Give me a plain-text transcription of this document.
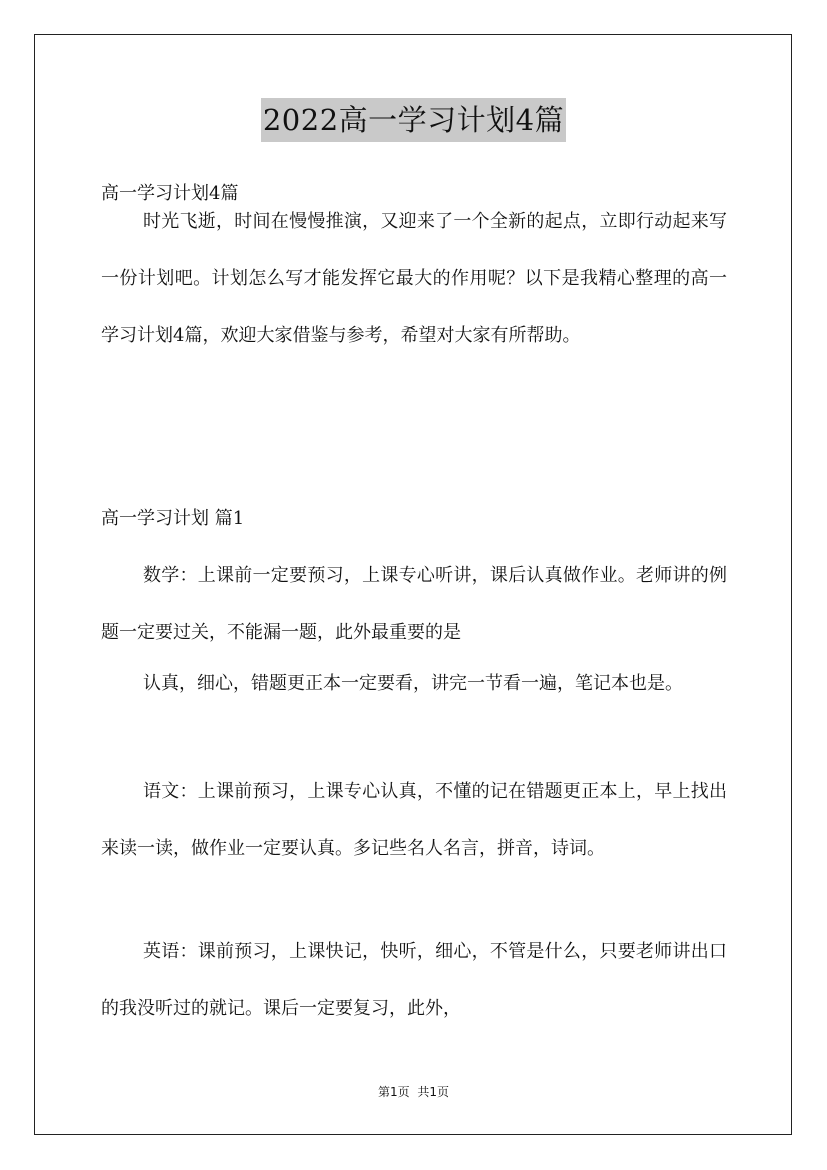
2022高一学习计划4篇

高一学习计划4篇

时光飞逝，时间在慢慢推演，又迎来了一个全新的起点，立即行动起来写一份计划吧。计划怎么写才能发挥它最大的作用呢？以下是我精心整理的高一学习计划4篇，欢迎大家借鉴与参考，希望对大家有所帮助。

高一学习计划 篇1

数学：上课前一定要预习，上课专心听讲，课后认真做作业。老师讲的例题一定要过关，不能漏一题，此外最重要的是

认真，细心，错题更正本一定要看，讲完一节看一遍，笔记本也是。

语文：上课前预习，上课专心认真，不懂的记在错题更正本上，早上找出来读一读，做作业一定要认真。多记些名人名言，拼音，诗词。

英语：课前预习，上课快记，快听，细心，不管是什么，只要老师讲出口的我没听过的就记。课后一定要复习，此外，

第1页 共1页
